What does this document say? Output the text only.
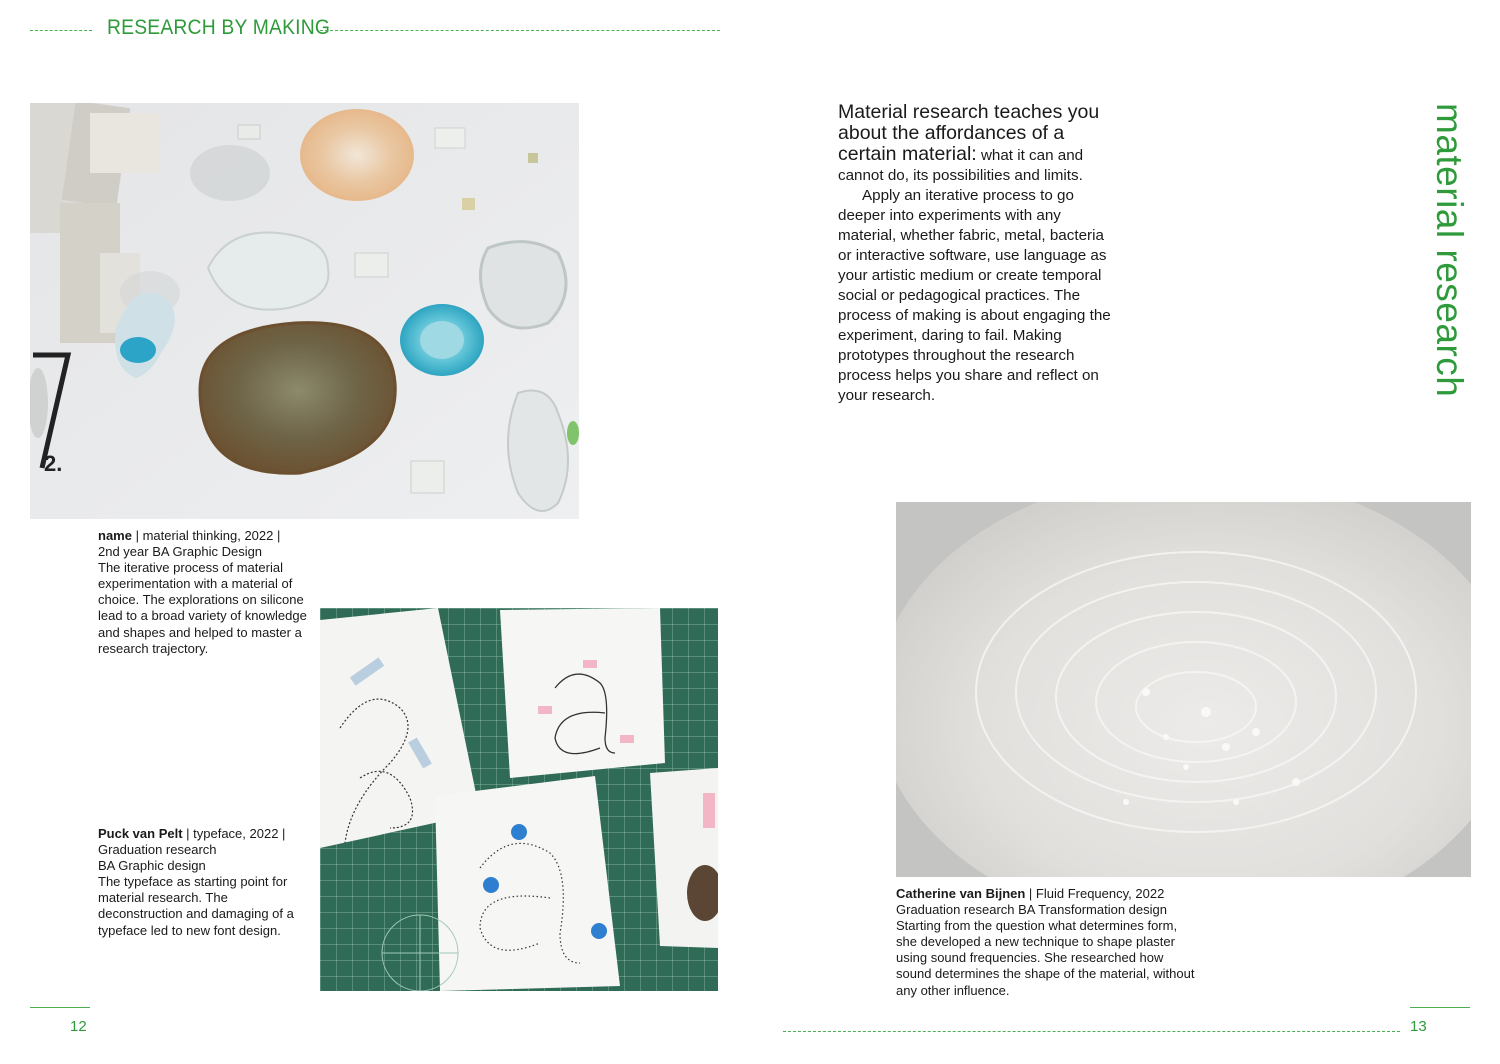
RESEARCH BY MAKING
material research
2.
name | material thinking, 2022 |
2nd year BA Graphic Design
The iterative process of material experimentation with a material of choice. The explorations on silicone lead to a broad variety of knowledge and shapes and helped to master a research trajectory.
Puck van Pelt | typeface, 2022 |
Graduation research
BA Graphic design
The typeface as starting point for material research. The deconstruction and damaging of a typeface led to new font design.
Material research teaches you about the affordances of a certain material: what it can and cannot do, its possibilities and limits.
Apply an iterative process to go deeper into experiments with any material, whether fabric, metal, bacteria or interactive software, use language as your artistic medium or create temporal social or pedagogical practices. The process of making is about engaging the experiment, daring to fail. Making prototypes throughout the research process helps you share and reflect on your research.
Catherine van Bijnen | Fluid Frequency, 2022
Graduation research BA Transformation design
Starting from the question what determines form, she developed a new technique to shape plaster using sound frequencies. She researched how sound determines the shape of the material, without any other influence.
12	13
